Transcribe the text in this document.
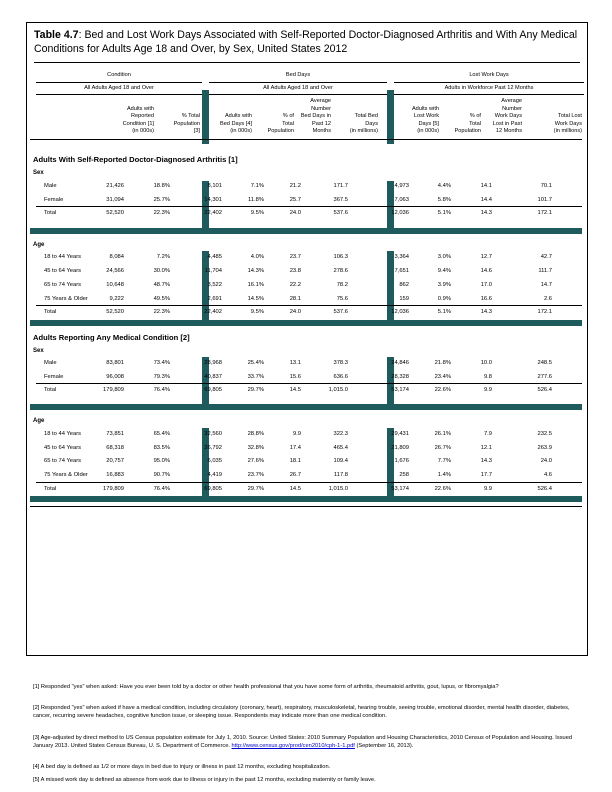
Table 4.7: Bed and Lost Work Days Associated with Self-Reported Doctor-Diagnosed Arthritis and With Any Medical Conditions for Adults Age 18 and Over, by Sex, United States 2012
[1] Responded "yes" when asked: Have you ever been told by a doctor or other health professional that you have some form of arthritis, rheumatoid arthritis, gout, lupus, or fibromyalgia?
[2] Responded "yes" when asked if have a medical condition, including circulatory (coronary, heart), respiratory, musculoskeletal, hearing trouble, seeing trouble, emotional disorder, mental health disorder, diabetes, cancer, recurring severe headaches, cognitive function issue, or sleeping issue. Respondents may indicate more than one medical condition.
[3] Age-adjusted by direct method to US Census population estimate for July 1, 2010. Source: United States: 2010 Summary Population and Housing Characteristics, 2010 Census of Population and Housing. Issued January 2013. United States Census Bureau, U. S. Department of Commerce. http://www.census.gov/prod/cen2010/cph-1-1.pdf (September 16, 2013).
[4] A bed day is defined as 1/2 or more days in bed due to injury or illness in past 12 months, excluding hospitalization.
[5] A missed work day is defined as absence from work due to illness or injury in the past 12 months, excluding maternity or family leave.
Condition	Bed Days	Lost Work Days
All Adults Aged 18 and Over	All Adults Aged 18 and Over	Adults in Workforce Past 12 Months

Adults with
Reported
Condition [1]
(in 000s)

% Total
Population
[3]

Adults with
Bed Days [4]
(in 000s)

% of
Total
Population
Average
Number
Bed Days in
Past 12
Months

Total Bed
Days
(in millions)

Adults with
Lost Work
Days [5]
(in 000s)

% of
Total
Population
Average
Number
Work Days
Lost in Past
12 Months

Total Lost
Work Days
(in millions)
Adults With Self-Reported Doctor-Diagnosed Arthritis [1]
Sex
Male	21,426	18.8%	8,101	7.1%	21.2	171.7	4,973	4.4%	14.1	70.1
Female	31,094	25.7%	14,301	11.8%	25.7	367.5	7,063	5.8%	14.4	101.7
Total	52,520	22.3%	22,402	9.5%	24.0	537.6	12,036	5.1%	14.3	172.1
Age
18 to 44 Years	8,084	7.2%	4,485	4.0%	23.7	106.3	3,364	3.0%	12.7	42.7
45 to 64 Years	24,566	30.0%	11,704	14.3%	23.8	278.6	7,651	9.4%	14.6	111.7
65 to 74 Years	10,648	48.7%	3,522	16.1%	22.2	78.2	862	3.9%	17.0	14.7
75 Years & Older	9,222	49.5%	2,691	14.5%	28.1	75.6	159	0.9%	16.6	2.6
Total	52,520	22.3%	22,402	9.5%	24.0	537.6	12,036	5.1%	14.3	172.1
Adults Reporting Any Medical Condition [2]
Sex
Male	83,801	73.4%	28,968	25.4%	13.1	378.3	24,846	21.8%	10.0	248.5
Female	96,008	79.3%	40,837	33.7%	15.6	636.6	28,328	23.4%	9.8	277.6
Total	179,809	76.4%	69,805	29.7%	14.5	1,015.0	53,174	22.6%	9.9	526.4
Age
18 to 44 Years	73,851	65.4%	32,560	28.8%	9.9	322.3	29,431	26.1%	7.9	232.5
45 to 64 Years	68,318	83.5%	26,792	32.8%	17.4	465.4	21,809	26.7%	12.1	263.9
65 to 74 Years	20,757	95.0%	6,035	27.6%	18.1	109.4	1,676	7.7%	14.3	24.0
75 Years & Older	16,883	90.7%	4,419	23.7%	26.7	117.8	258	1.4%	17.7	4.6
Total	179,809	76.4%	69,805	29.7%	14.5	1,015.0	53,174	22.6%	9.9	526.4
